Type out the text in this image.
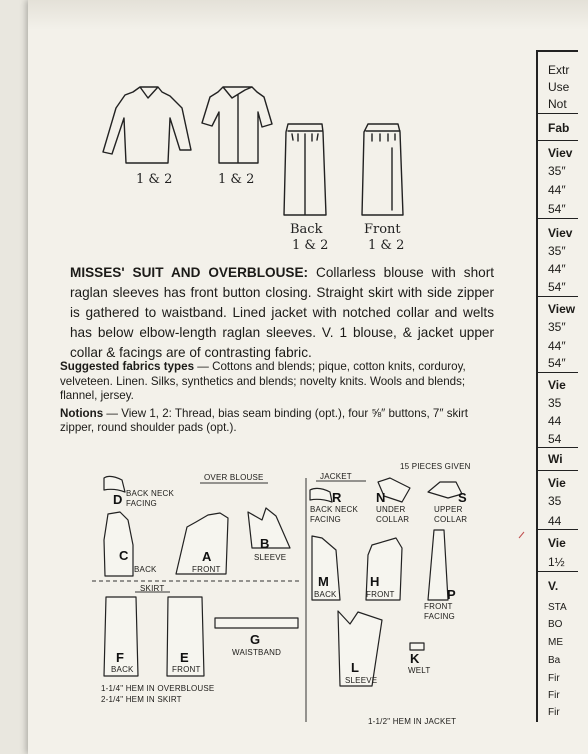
1 & 2	1 & 2
Back
1 & 2
Front
1 & 2
MISSES' SUIT AND OVERBLOUSE: Collarless blouse with short raglan sleeves has front button closing. Straight skirt with side zipper is gathered to waistband. Lined jacket with notched collar and welts has below elbow-length raglan sleeves. V. 1 blouse, & jacket upper collar & facings are of contrasting fabric.
Suggested fabrics types — Cottons and blends; pique, cotton knits, corduroy, velveteen. Linen. Silks, synthetics and blends; novelty knits. Wools and blends; flannel, jersey.
Notions — View 1, 2: Thread, bias seam binding (opt.), four ⅝″ buttons, 7″ skirt zipper, round shoulder pads (opt.).
OVER BLOUSE	JACKET
15 PIECES GIVEN
SKIRT
D BACK NECK FACING
C
BACK
A
FRONT
B
SLEEVE
F
BACK
E
FRONT
G
WAISTBAND
R
BACK NECK FACING
N
UNDER COLLAR
S
UPPER COLLAR
M
BACK
H
FRONT	P
FRONT FACING
L
SLEEVE
K
WELT
1-1/4" HEM IN OVERBLOUSE
2-1/4" HEM IN SKIRT
1-1/2" HEM IN JACKET
Extr
Use
Not
Fab
Viev
35″
44″
54″
Viev
35″
44″
54″
View
35″
44″
54″
Vie
35
44
54
Wi
Vie
35
44
Vie
1½
V.
STA
BO
ME
Ba
Fir
Fir
Fir
